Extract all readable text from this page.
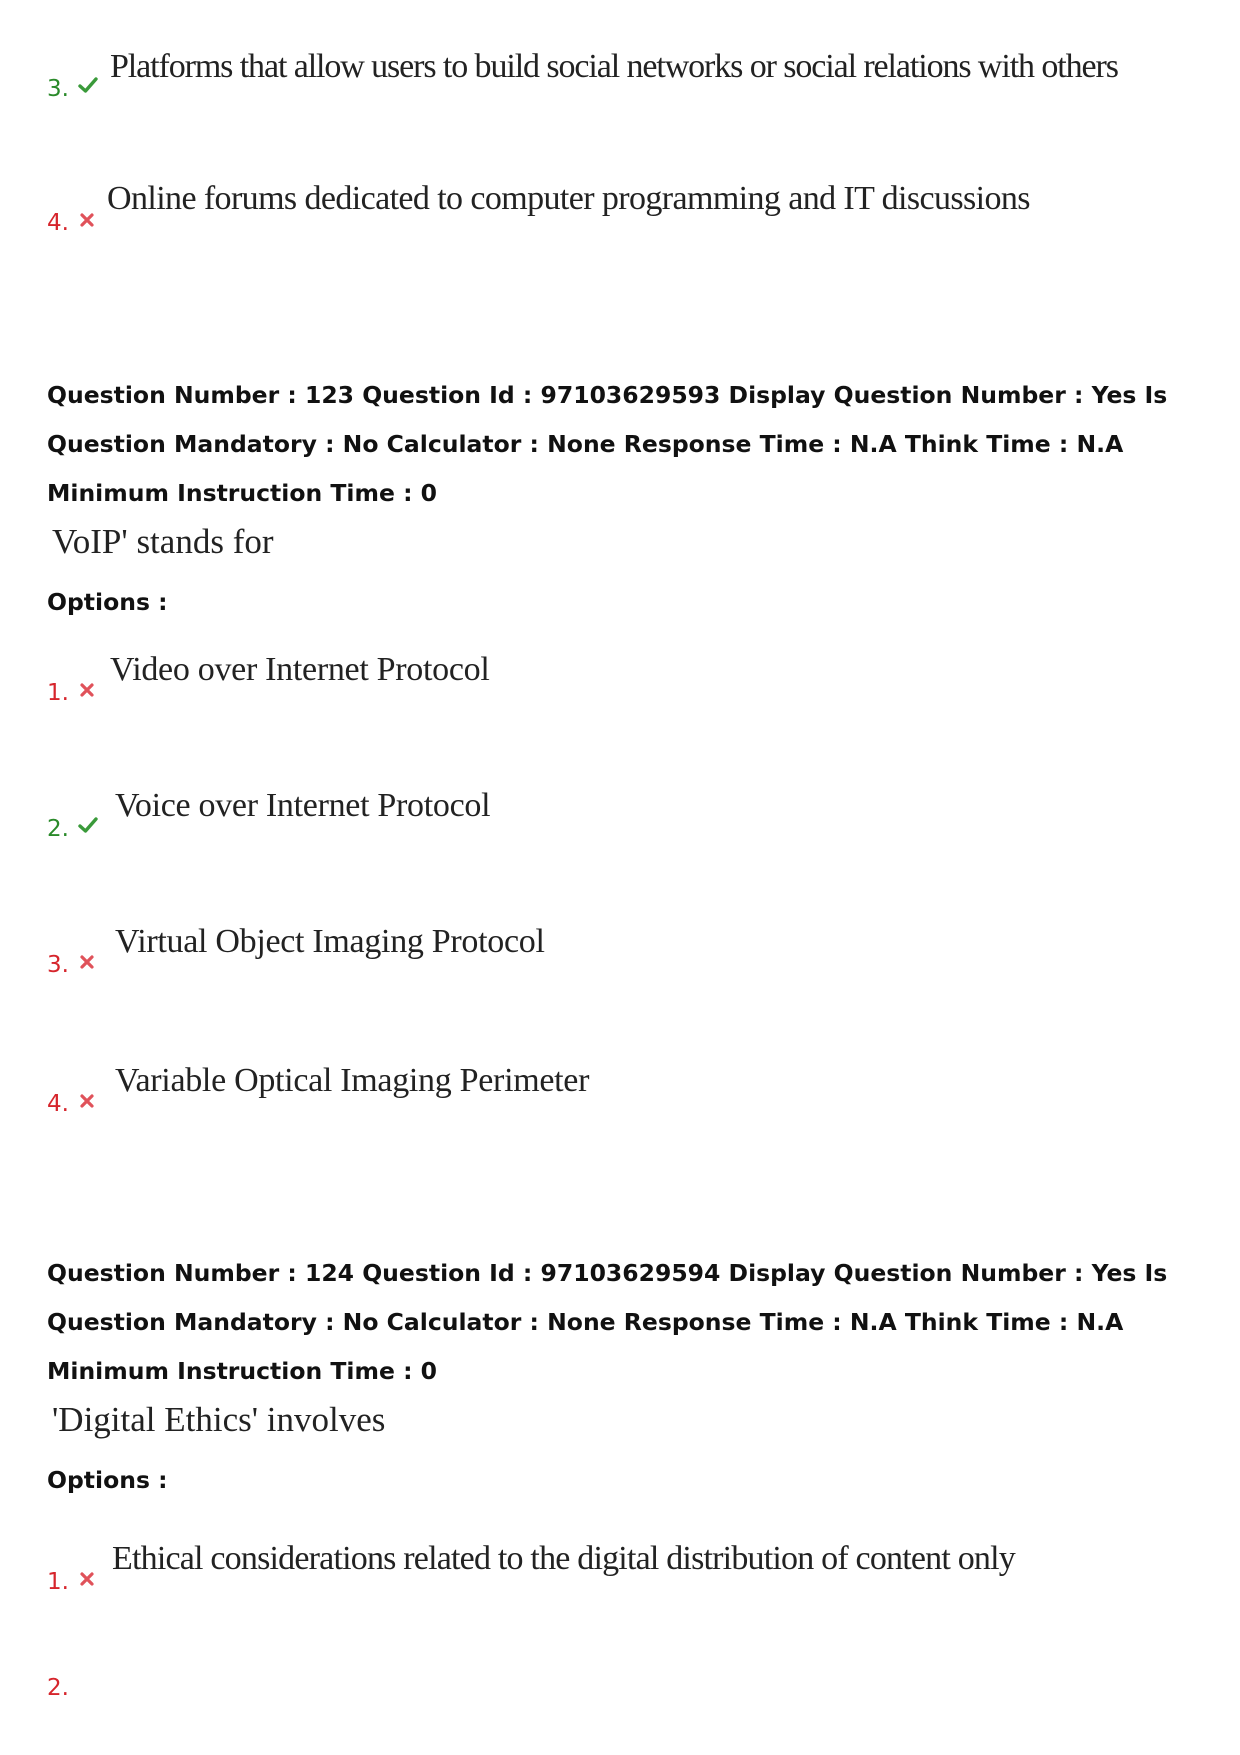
3.
Platforms that allow users to build social networks or social relations with others
4.
Online forums dedicated to computer programming and IT discussions
Question Number : 123 Question Id : 97103629593 Display Question Number : Yes Is Question Mandatory : No Calculator : None Response Time : N.A Think Time : N.A Minimum Instruction Time : 0
VoIP' stands for
Options :
1.
Video over Internet Protocol
2.
Voice over Internet Protocol
3.
Virtual Object Imaging Protocol
4.
Variable Optical Imaging Perimeter
Question Number : 124 Question Id : 97103629594 Display Question Number : Yes Is Question Mandatory : No Calculator : None Response Time : N.A Think Time : N.A Minimum Instruction Time : 0
'Digital Ethics' involves
Options :
1.
Ethical considerations related to the digital distribution of content only
2.
